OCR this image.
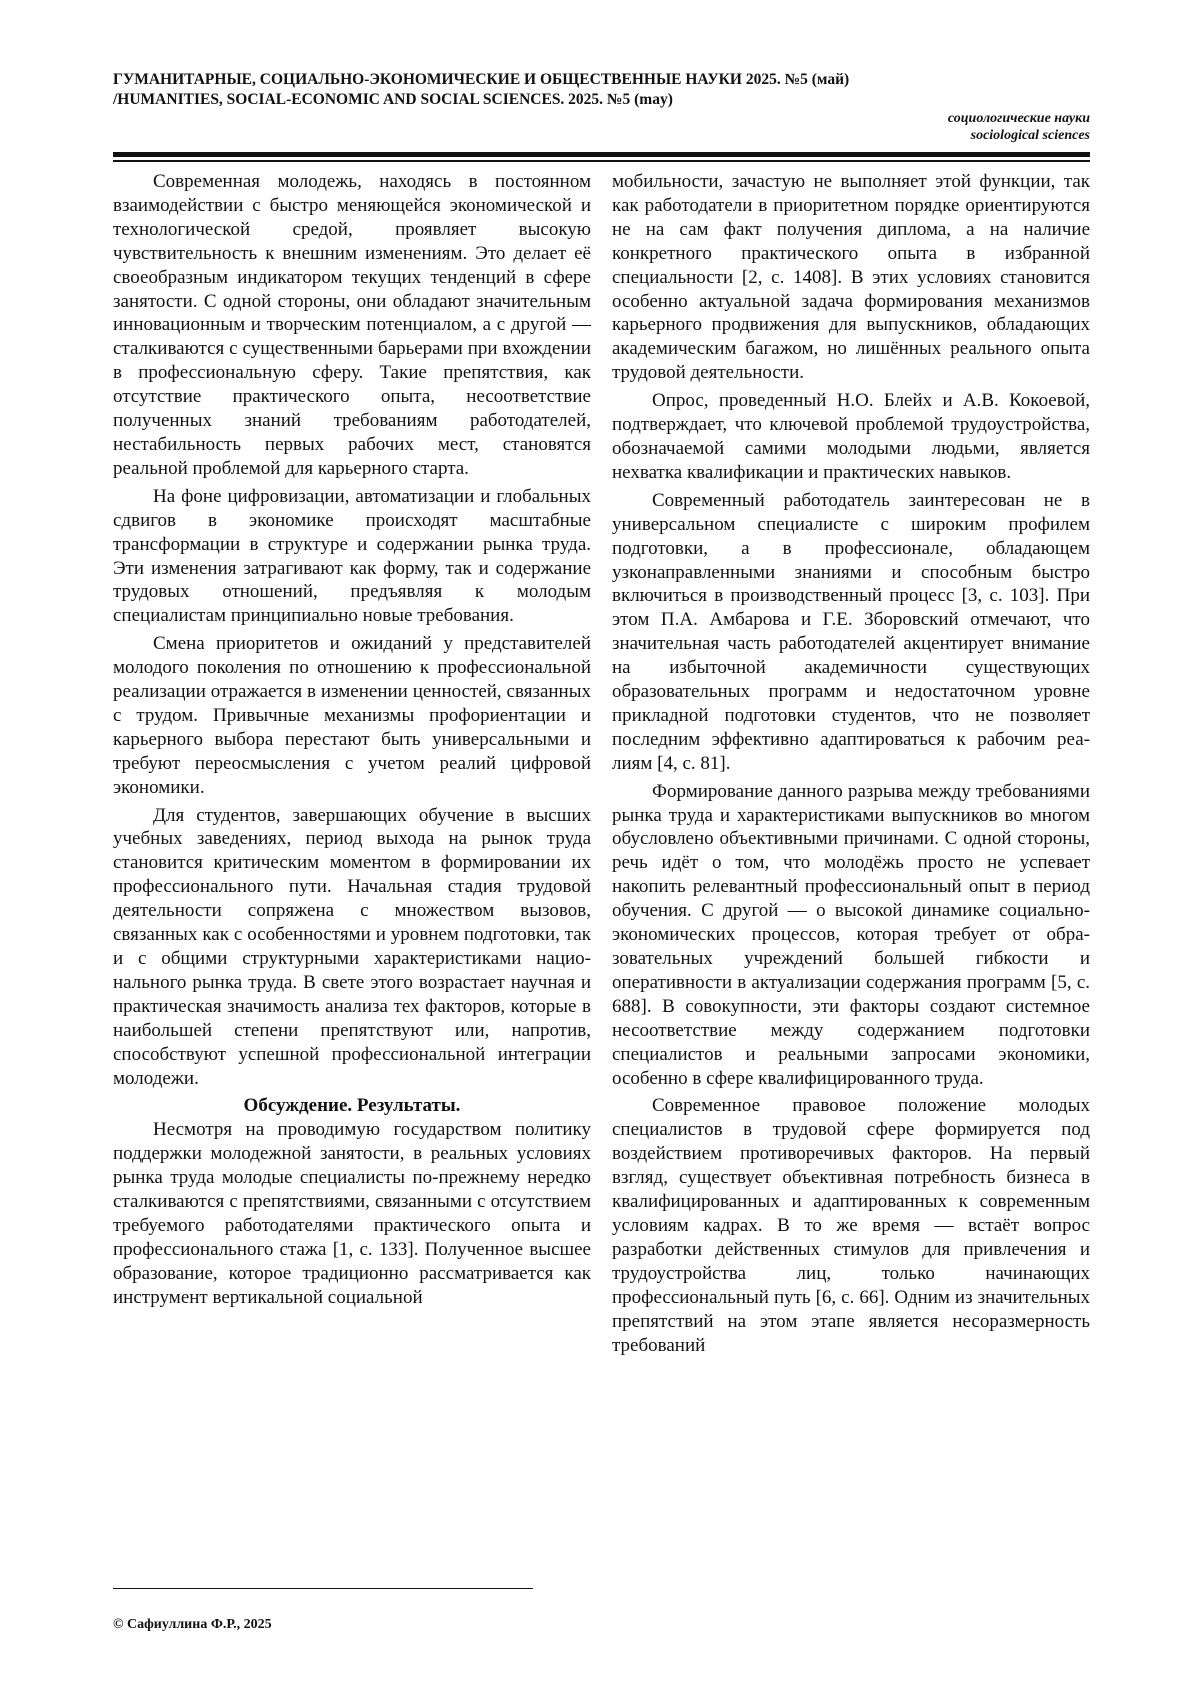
ГУМАНИТАРНЫЕ, СОЦИАЛЬНО-ЭКОНОМИЧЕСКИЕ И ОБЩЕСТВЕННЫЕ НАУКИ 2025. №5 (май)
/HUMANITIES, SOCIAL-ECONOMIC AND SOCIAL SCIENCES. 2025. №5 (may)
социологические науки
sociological sciences

Современная молодежь, находясь в постоянном взаимодействии с быстро меняющейся экономической и технологической средой, проявляет высокую чувствительность к внешним изменениям. Это делает её своеобразным индикатором текущих тенденций в сфере занятости. С одной стороны, они обладают значительным инновационным и творческим потенциалом, а с другой — сталкиваются с существенными барьерами при вхождении в профессиональную сферу. Такие препятствия, как отсутствие практического опыта, несоответствие полученных знаний требованиям работодателей, нестабильность первых рабочих мест, становятся реальной проблемой для карьерного старта.

На фоне цифровизации, автоматизации и глобальных сдвигов в экономике происходят масштабные трансформации в структуре и содержании рынка труда. Эти изменения затрагивают как форму, так и содержание трудовых отношений, предъявляя к молодым специалистам принципиально новые требования.

Смена приоритетов и ожиданий у представителей молодого поколения по отношению к профессиональной реализации отражается в изменении ценностей, связанных с трудом. Привычные механизмы профориентации и карьерного выбора перестают быть универсальными и требуют переосмысления с учетом реалий цифровой экономики.

Для студентов, завершающих обучение в высших учебных заведениях, период выхода на рынок труда становится критическим моментом в формировании их профессионального пути. Начальная стадия трудовой деятельности сопряжена с множеством вызовов, связанных как с особенностями и уровнем подготовки, так и с общими структурными характеристиками национального рынка труда. В свете этого возрастает научная и практическая значимость анализа тех факторов, которые в наибольшей степени препятствуют или, напротив, способствуют успешной профессиональной интеграции молодежи.

Обсуждение. Результаты.

Несмотря на проводимую государством политику поддержки молодежной занятости, в реальных условиях рынка труда молодые специалисты по-прежнему нередко сталкиваются с препятствиями, связанными с отсутствием требуемого работодателями практического опыта и профессионального стажа [1, с. 133]. Полученное высшее образование, которое традиционно рассматривается как инструмент вертикальной социальной

мобильности, зачастую не выполняет этой функции, так как работодатели в приоритетном порядке ориентируются не на сам факт получения диплома, а на наличие конкретного практического опыта в избранной специальности [2, с. 1408]. В этих условиях становится особенно актуальной задача формирования механизмов карьерного продвижения для выпускников, обладающих академическим багажом, но лишённых реального опыта трудовой деятельности.

Опрос, проведенный Н.О. Блейх и А.В. Кокоевой, подтверждает, что ключевой проблемой трудоустройства, обозначаемой самими молодыми людьми, является нехватка квалификации и практических навыков.

Современный работодатель заинтересован не в универсальном специалисте с широким профилем подготовки, а в профессионале, обладающем узконаправленными знаниями и способным быстро включиться в производственный процесс [3, с. 103]. При этом П.А. Амбарова и Г.Е. Зборовский отмечают, что значительная часть работодателей акцентирует внимание на избыточной академичности существующих образовательных программ и недостаточном уровне прикладной подготовки студентов, что не позволяет последним эффективно адаптироваться к рабочим реалиям [4, с. 81].

Формирование данного разрыва между требованиями рынка труда и характеристиками выпускников во многом обусловлено объективными причинами. С одной стороны, речь идёт о том, что молодёжь просто не успевает накопить релевантный профессиональный опыт в период обучения. С другой — о высокой динамике социально-экономических процессов, которая требует от образовательных учреждений большей гибкости и оперативности в актуализации содержания программ [5, с. 688]. В совокупности, эти факторы создают системное несоответствие между содержанием подготовки специалистов и реальными запросами экономики, особенно в сфере квалифицированного труда.

Современное правовое положение молодых специалистов в трудовой сфере формируется под воздействием противоречивых факторов. На первый взгляд, существует объективная потребность бизнеса в квалифицированных и адаптированных к современным условиям кадрах. В то же время — встаёт вопрос разработки действенных стимулов для привлечения и трудоустройства лиц, только начинающих профессиональный путь [6, с. 66]. Одним из значительных препятствий на этом этапе является несоразмерность требований

© Сафиуллина Ф.Р., 2025
